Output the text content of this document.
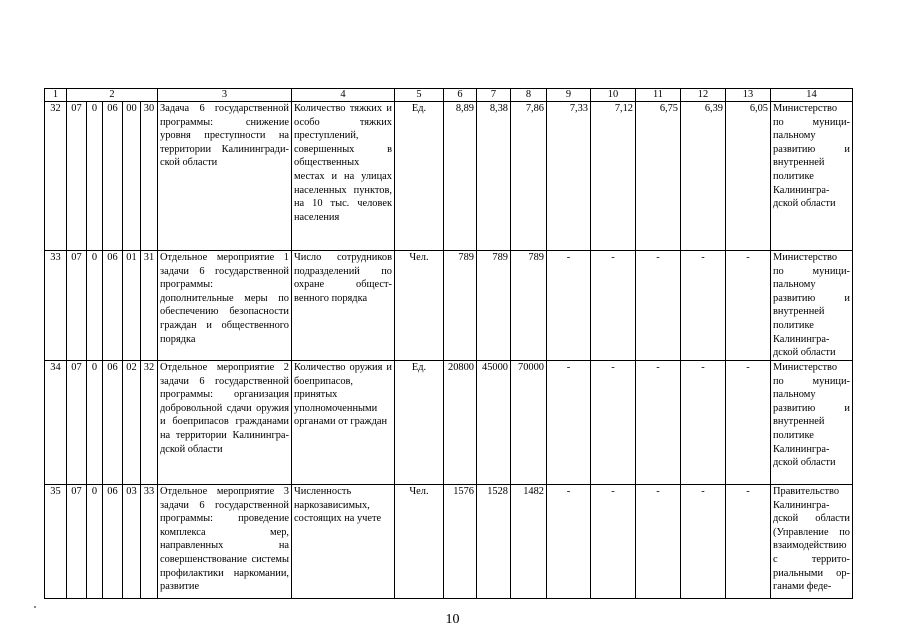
1	2					3	4	5	6	7	8	9	10	11	12	13	14
32	07	0	06	00	30	Задача 6 государственной программы: снижение уровня преступности на территории Калининградиской области	Количество тяжких и особо тяжких преступлений, совершенных в общественных местах и на улицах населенных пунктов, на 10 тыс. человек населения	Ед.	8,89	8,38	7,86	7,33	7,12	6,75	6,39	6,05	Министерство по муниципальному развитию и внутренней политике Калининградской области
33	07	0	06	01	31	Отдельное мероприятие 1 задачи 6 государственной программы: дополнительные меры по обеспечению безопасности граждан и общественного порядка	Число сотрудников подразделений по охране общественного порядка	Чел.	789	789	789	-	-	-	-	-	Министерство по муниципальному развитию и внутренней политике Калининградской области
34	07	0	06	02	32	Отдельное мероприятие 2 задачи 6 государственной программы: организация добровольной сдачи оружия и боеприпасов гражданами на территории Калининградской области	Количество оружия и боеприпасов, принятых уполномоченными органами от граждан	Ед.	20800	45000	70000	-	-	-	-	-	Министерство по муниципальному развитию и внутренней политике Калининградской области
35	07	0	06	03	33	Отдельное мероприятие 3 задачи 6 государственной программы: проведение комплекса мер, направленных на совершенствование системы профилактики наркомании, развитие	Численность наркозависимых, состоящих на учете	Чел.	1576	1528	1482	-	-	-	-	-	Правительство Калининградской области (Управление по взаимодействию с территориальными органами феде-
10
